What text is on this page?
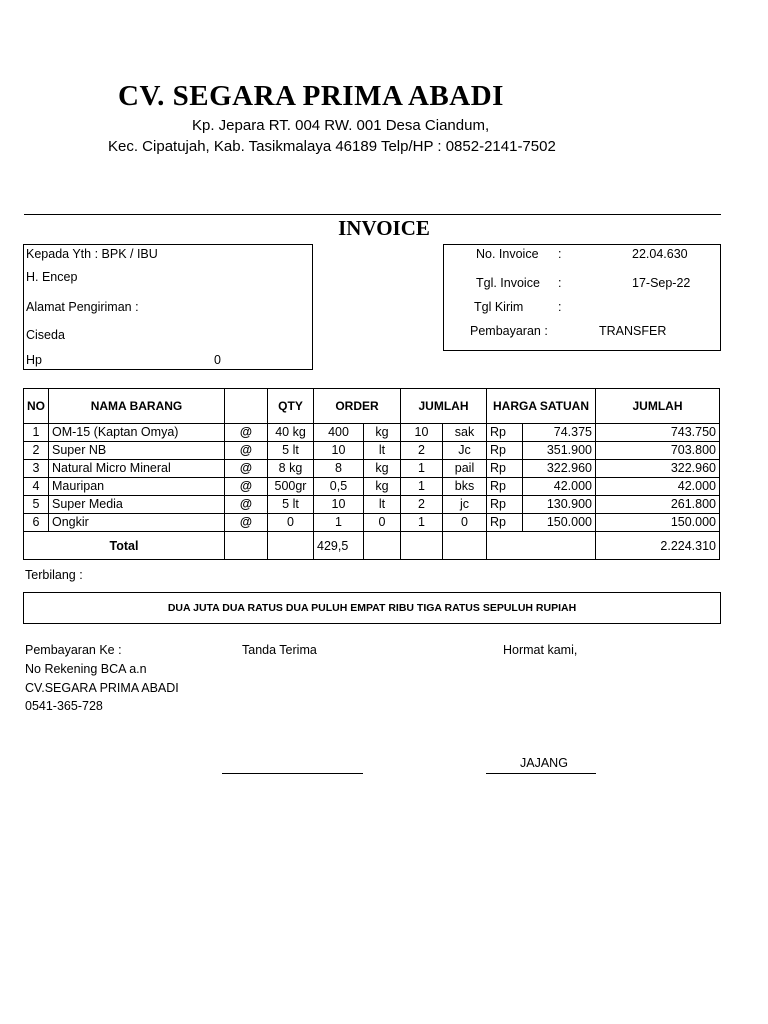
CV. SEGARA PRIMA ABADI
Kp. Jepara RT. 004 RW. 001 Desa Ciandum,
Kec. Cipatujah, Kab. Tasikmalaya 46189 Telp/HP : 0852-2141-7502
INVOICE
Kepada Yth : BPK / IBU
H. Encep
Alamat Pengiriman :
Ciseda
Hp	0
No. Invoice :	22.04.630
Tgl. Invoice :	17-Sep-22
Tgl Kirim	:
Pembayaran :	TRANSFER
NO	NAMA BARANG		QTY	ORDER		JUMLAH		HARGA SATUAN		JUMLAH
1	OM-15 (Kaptan Omya)	@	40 kg	400	kg	10	sak	Rp	74.375	743.750
2	Super NB	@	5 lt	10	lt	2	Jc	Rp	351.900	703.800
3	Natural Micro Mineral	@	8 kg	8	kg	1	pail	Rp	322.960	322.960
4	Mauripan	@	500gr	0,5	kg	1	bks	Rp	42.000	42.000
5	Super Media	@	5 lt	10	lt	2	jc	Rp	130.900	261.800
6	Ongkir	@	0	1	0	1	0	Rp	150.000	150.000
Total				429,5						2.224.310
Terbilang :
DUA JUTA DUA RATUS DUA PULUH EMPAT RIBU TIGA RATUS SEPULUH RUPIAH
Pembayaran Ke :
No Rekening BCA a.n
CV.SEGARA PRIMA ABADI
0541-365-728
Tanda Terima	Hormat kami,
JAJANG
